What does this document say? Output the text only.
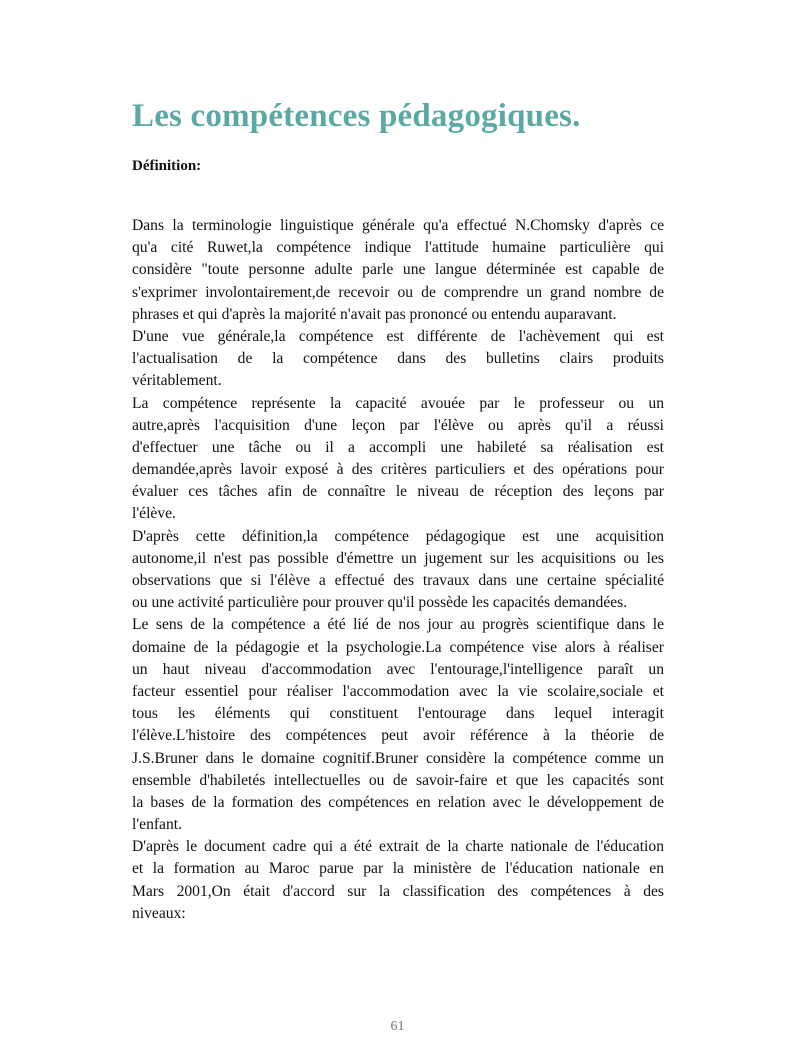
Les compétences pédagogiques.
Définition:
Dans la terminologie linguistique générale qu'a effectué N.Chomsky d'après ce
qu'a cité Ruwet,la compétence indique l'attitude humaine particulière qui
considère "toute personne adulte parle une langue déterminée est capable de
s'exprimer involontairement,de recevoir ou de comprendre un grand nombre de
phrases et qui d'après la majorité n'avait pas prononcé ou entendu auparavant.
D'une vue générale,la compétence est différente de l'achèvement qui est
l'actualisation de la compétence dans des bulletins clairs produits
véritablement.
La compétence représente la capacité avouée par le professeur ou un
autre,après l'acquisition d'une leçon par l'élève ou après qu'il a réussi
d'effectuer une tâche ou il a accompli une habileté sa réalisation est
demandée,après lavoir exposé à des critères particuliers et des opérations pour
évaluer ces tâches afin de connaître le niveau de réception des leçons par
l'élève.
D'après cette définition,la compétence pédagogique est une acquisition
autonome,il n'est pas possible d'émettre un jugement sur les acquisitions ou les
observations que si l'élève a effectué des travaux dans une certaine spécialité
ou une activité particulière pour prouver qu'il possède les capacités demandées.
Le sens de la compétence a été lié de nos jour au progrès scientifique dans le
domaine de la pédagogie et la psychologie.La compétence vise alors à réaliser
un haut niveau d'accommodation avec l'entourage,l'intelligence paraît un
facteur essentiel pour réaliser l'accommodation avec la vie scolaire,sociale et
tous les éléments qui constituent l'entourage dans lequel interagit
l'élève.L'histoire des compétences peut avoir référence à la théorie de
J.S.Bruner dans le domaine cognitif.Bruner considère la compétence comme un
ensemble d'habiletés intellectuelles ou de savoir-faire et que les capacités sont
la bases de la formation des compétences en relation avec le développement de
l'enfant.
D'après le document cadre qui a été extrait de la charte nationale de l'éducation
et la formation au Maroc parue par la ministère de l'éducation nationale en
Mars 2001,On était d'accord sur la classification des compétences à des
niveaux:
61
